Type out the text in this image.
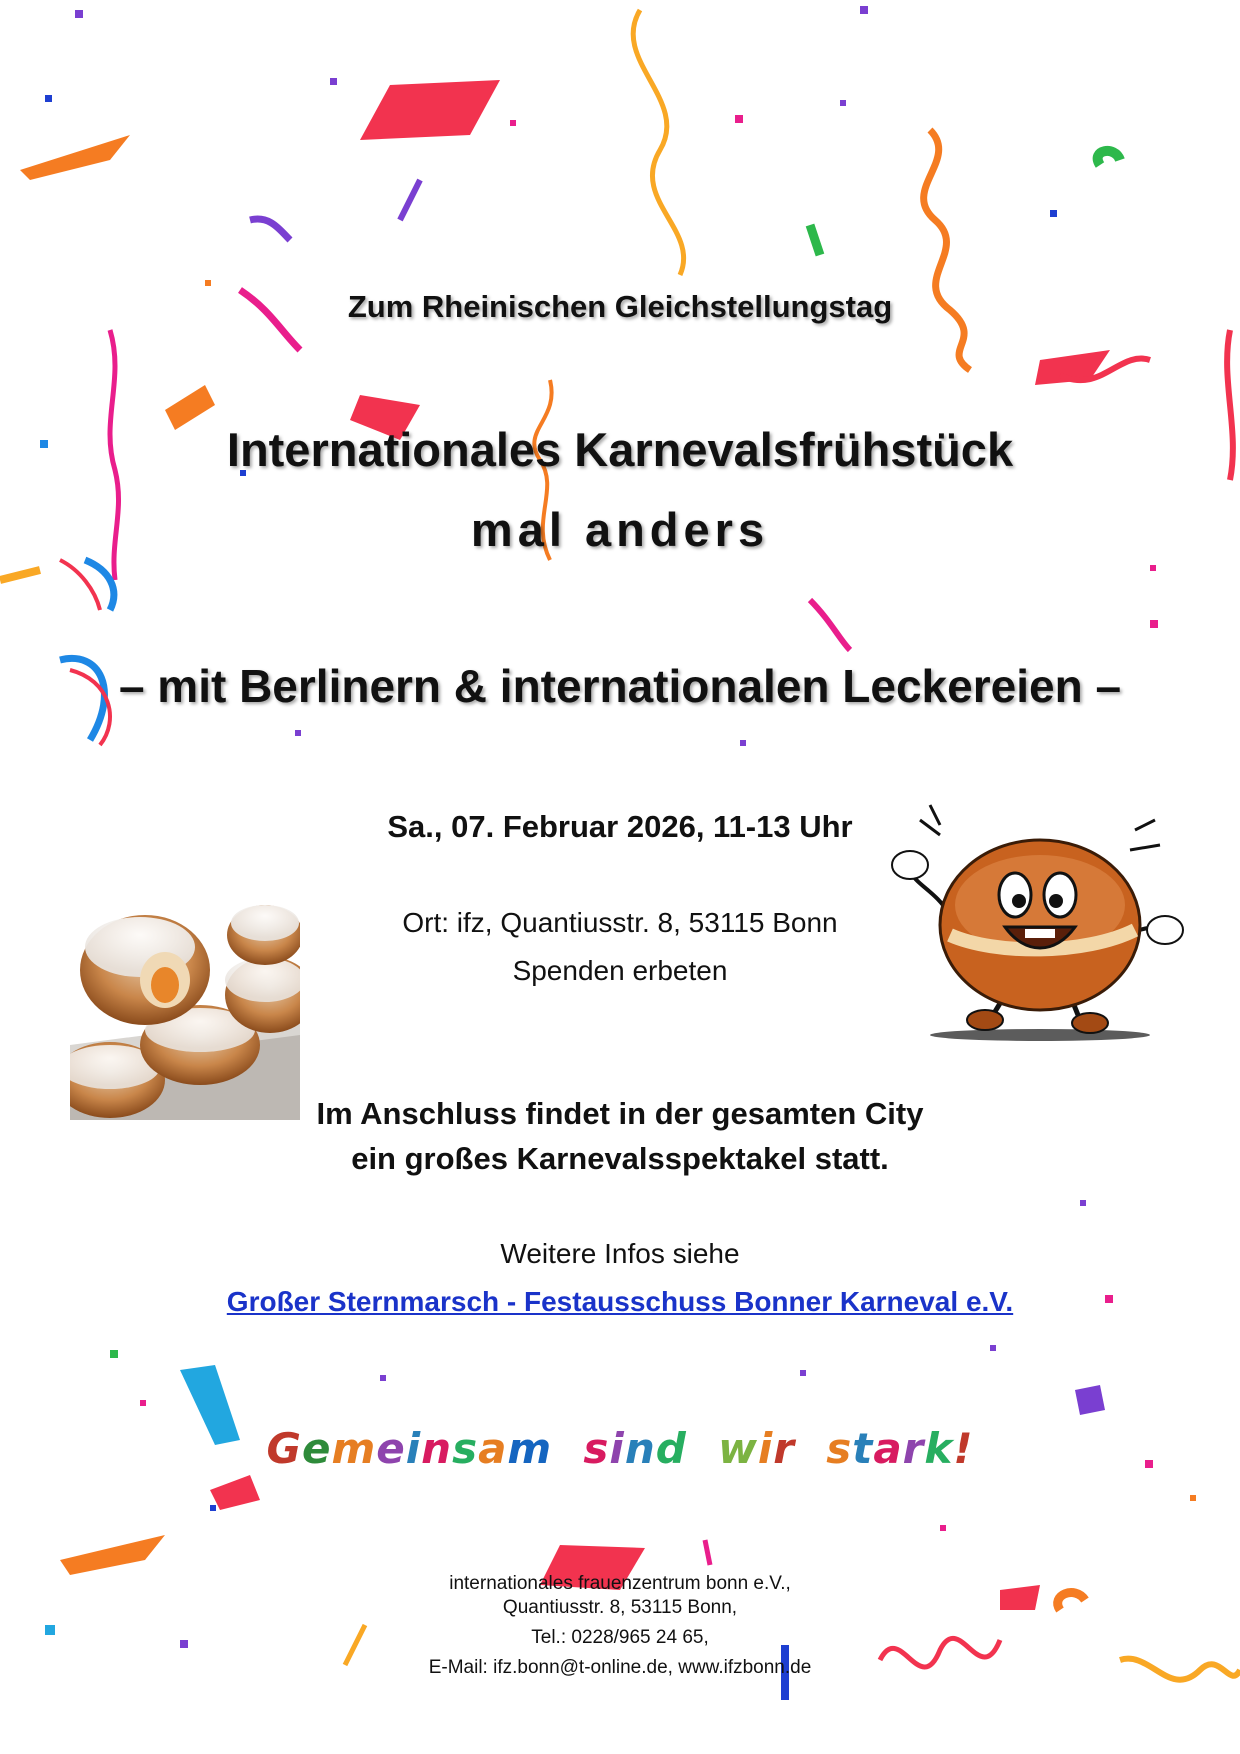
Zum Rheinischen Gleichstellungstag

Internationales Karnevalsfrühstück

mal anders

– mit Berlinern & internationalen Leckereien –

Sa., 07. Februar 2026, 11-13 Uhr

Ort: ifz, Quantiusstr. 8, 53115 Bonn

Spenden erbeten

Im Anschluss findet in der gesamten City

ein großes Karnevalsspektakel statt.

Weitere Infos siehe

Großer Sternmarsch - Festausschuss Bonner Karneval e.V.

Gemeinsam sind wir stark!

internationales frauenzentrum bonn e.V.,

Quantiusstr. 8, 53115 Bonn,

Tel.: 0228/965 24 65,

E-Mail: ifz.bonn@t-online.de, www.ifzbonn.de
